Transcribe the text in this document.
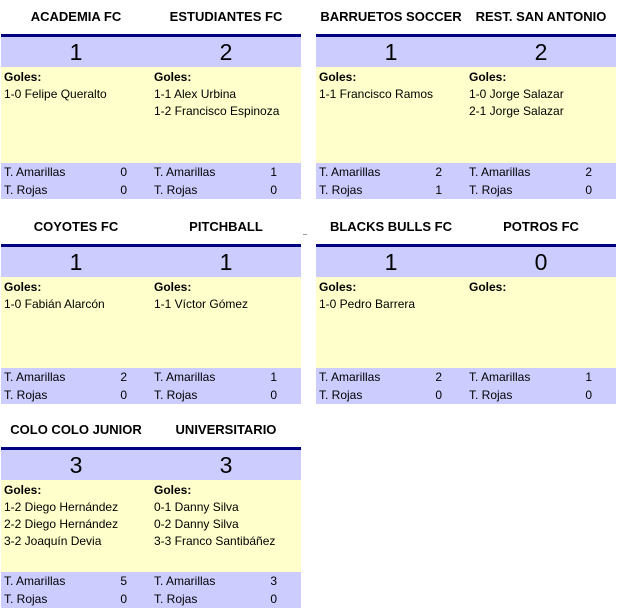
ACADEMIA FC	ESTUDIANTES FC
1	2
Goles:
1-0 Felipe Queralto
Goles:
1-1 Alex Urbina
1-2 Francisco Espinoza
T. Amarillas	0
T. Rojas	0
T. Amarillas	1
T. Rojas	0
BARRUETOS SOCCER	REST. SAN ANTONIO
1	2
Goles:
1-1 Francisco Ramos
Goles:
1-0 Jorge Salazar
2-1 Jorge Salazar
T. Amarillas	2
T. Rojas	1
T. Amarillas	2
T. Rojas	0
COYOTES FC	PITCHBALL
1	1
Goles:
1-0 Fabián Alarcón
Goles:
1-1 Víctor Gómez
T. Amarillas	2
T. Rojas	0
T. Amarillas	1
T. Rojas	0
BLACKS BULLS FC	POTROS FC
1	0
Goles:
1-0 Pedro Barrera
Goles:
T. Amarillas	2
T. Rojas	0
T. Amarillas	1
T. Rojas	0
COLO COLO JUNIOR	UNIVERSITARIO
3	3
Goles:
1-2 Diego Hernández
2-2 Diego Hernández
3-2 Joaquín Devia
Goles:
0-1 Danny Silva
0-2 Danny Silva
3-3 Franco Santibáñez
T. Amarillas	5
T. Rojas	0
T. Amarillas	3
T. Rojas	0
